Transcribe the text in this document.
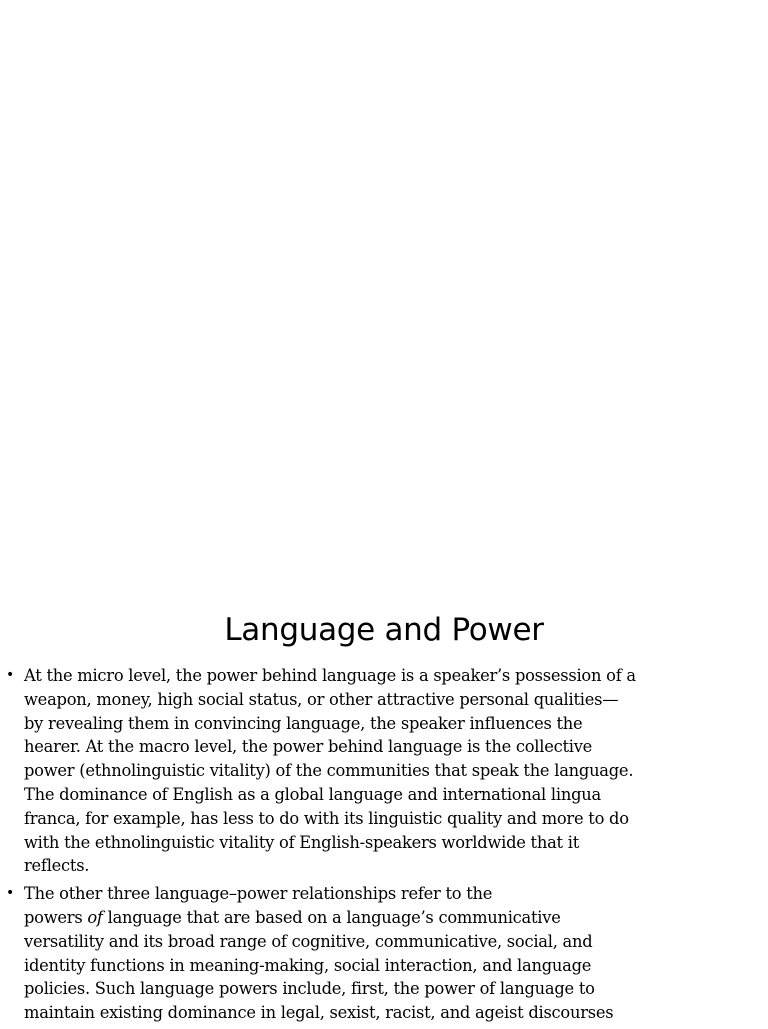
Language and Power
• At the micro level, the power behind language is a speaker’s possession of a
weapon, money, high social status, or other attractive personal qualities—
by revealing them in convincing language, the speaker influences the
hearer. At the macro level, the power behind language is the collective
power (ethnolinguistic vitality) of the communities that speak the language.
The dominance of English as a global language and international lingua
franca, for example, has less to do with its linguistic quality and more to do
with the ethnolinguistic vitality of English-speakers worldwide that it
reflects.
• The other three language–power relationships refer to the
powers of language that are based on a language’s communicative
versatility and its broad range of cognitive, communicative, social, and
identity functions in meaning-making, social interaction, and language
policies. Such language powers include, first, the power of language to
maintain existing dominance in legal, sexist, racist, and ageist discourses
